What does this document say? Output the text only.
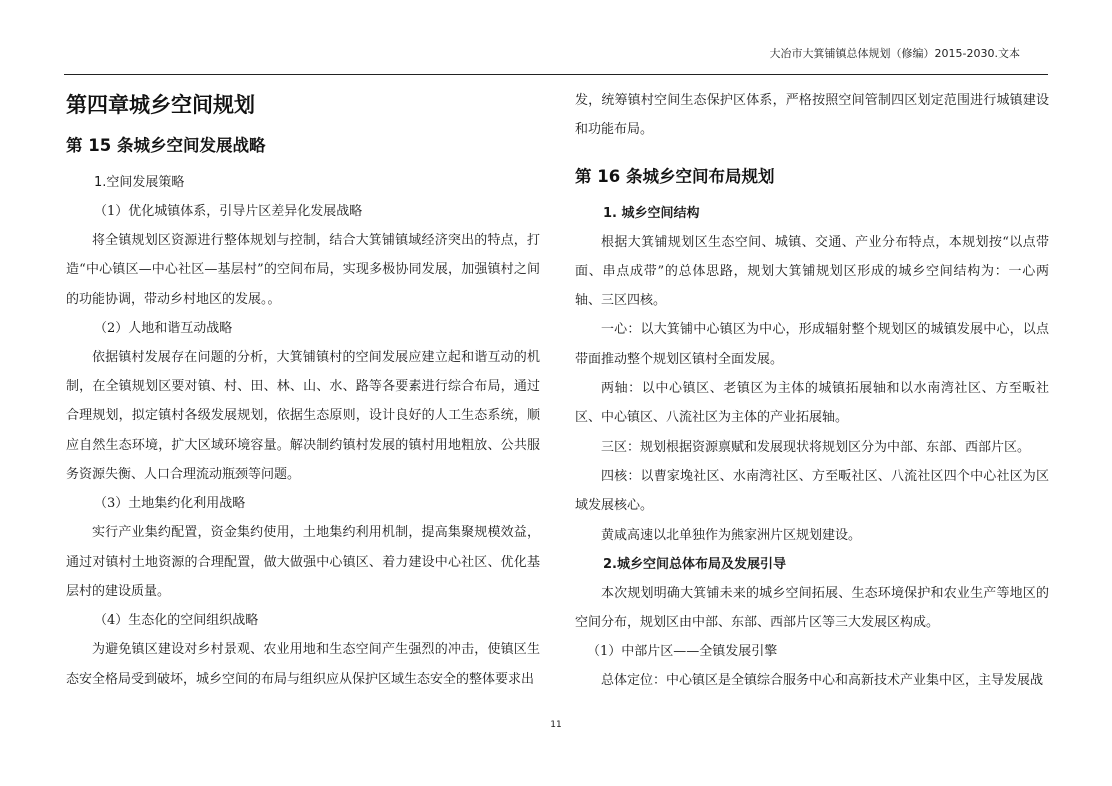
大冶市大箕铺镇总体规划（修编）2015-2030.文本
第四章城乡空间规划
第 15 条城乡空间发展战略

1.空间发展策略

（1）优化城镇体系，引导片区差异化发展战略

将全镇规划区资源进行整体规划与控制，结合大箕铺镇域经济突出的特点，打造“中心镇区—中心社区—基层村”的空间布局，实现多极协同发展，加强镇村之间的功能协调，带动乡村地区的发展。。

（2）人地和谐互动战略

依据镇村发展存在问题的分析，大箕铺镇村的空间发展应建立起和谐互动的机制，在全镇规划区要对镇、村、田、林、山、水、路等各要素进行综合布局，通过合理规划，拟定镇村各级发展规划，依据生态原则，设计良好的人工生态系统，顺应自然生态环境，扩大区域环境容量。解决制约镇村发展的镇村用地粗放、公共服务资源失衡、人口合理流动瓶颈等问题。

（3）土地集约化利用战略

实行产业集约配置，资金集约使用，土地集约利用机制，提高集聚规模效益，通过对镇村土地资源的合理配置，做大做强中心镇区、着力建设中心社区、优化基层村的建设质量。

（4）生态化的空间组织战略

为避免镇区建设对乡村景观、农业用地和生态空间产生强烈的冲击，使镇区生态安全格局受到破坏，城乡空间的布局与组织应从保护区域生态安全的整体要求出

发，统筹镇村空间生态保护区体系，严格按照空间管制四区划定范围进行城镇建设和功能布局。

第 16 条城乡空间布局规划

1. 城乡空间结构

根据大箕铺规划区生态空间、城镇、交通、产业分布特点，本规划按“以点带面、串点成带”的总体思路，规划大箕铺规划区形成的城乡空间结构为：一心两轴、三区四核。

一心：以大箕铺中心镇区为中心，形成辐射整个规划区的城镇发展中心，以点带面推动整个规划区镇村全面发展。

两轴：以中心镇区、老镇区为主体的城镇拓展轴和以水南湾社区、方至畈社区、中心镇区、八流社区为主体的产业拓展轴。

三区：规划根据资源禀赋和发展现状将规划区分为中部、东部、西部片区。

四核：以曹家堍社区、水南湾社区、方至畈社区、八流社区四个中心社区为区域发展核心。

黄咸高速以北单独作为熊家洲片区规划建设。

2.城乡空间总体布局及发展引导

本次规划明确大箕铺未来的城乡空间拓展、生态环境保护和农业生产等地区的空间分布，规划区由中部、东部、西部片区等三大发展区构成。

（1）中部片区——全镇发展引擎

总体定位：中心镇区是全镇综合服务中心和高新技术产业集中区，主导发展战

11
